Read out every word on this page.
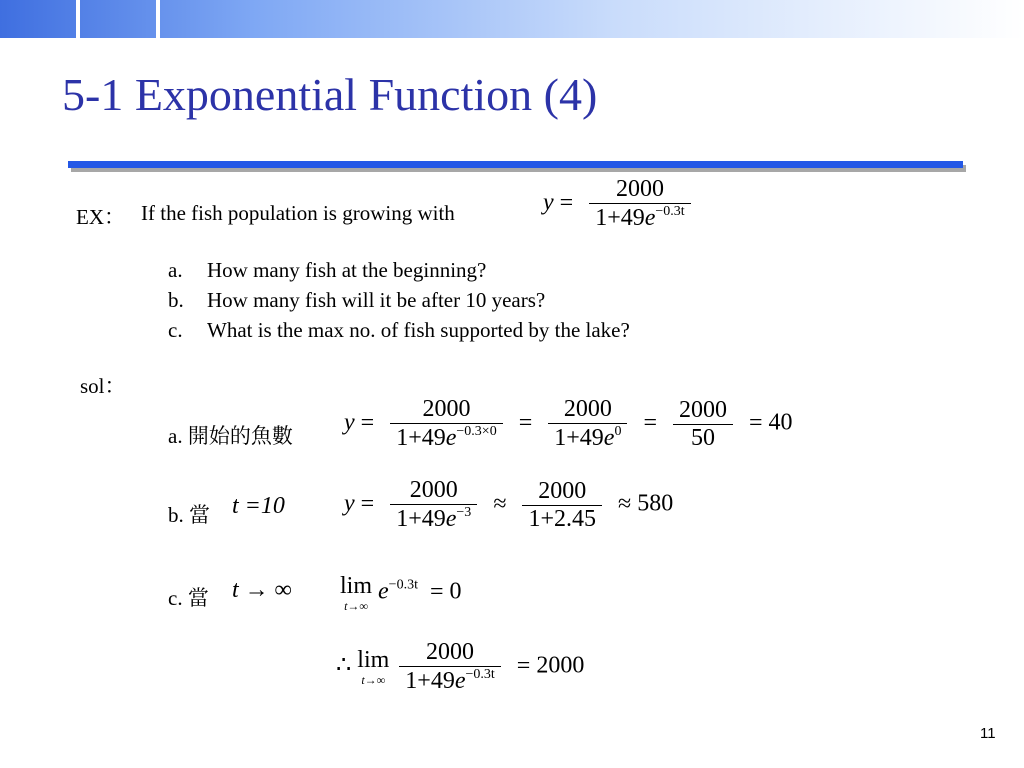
5-1 Exponential Function (4)
EX： If the fish population is growing with	$y = \frac{2000}{1+49e^{-0.3t}}$
a. How many fish at the beginning?
b. How many fish will it be after 10 years?
c. What is the max no. of fish supported by the lake?
sol：
a. 開始的魚數
$y = \frac{2000}{1+49e^{-0.3\times 0}} = \frac{2000}{1+49e^0} = \frac{2000}{50} = 40$
b. 當 t =10 $y = \frac{2000}{1+49e^{-3}} \approx \frac{2000}{1+2.45} \approx 580$
c. 當 t → ∞ lim
t→∞
$e^{-0.3t} = 0$
∴ lim
t→∞
$\frac{2000}{1+49e^{-0.3t}} = 2000$
11
